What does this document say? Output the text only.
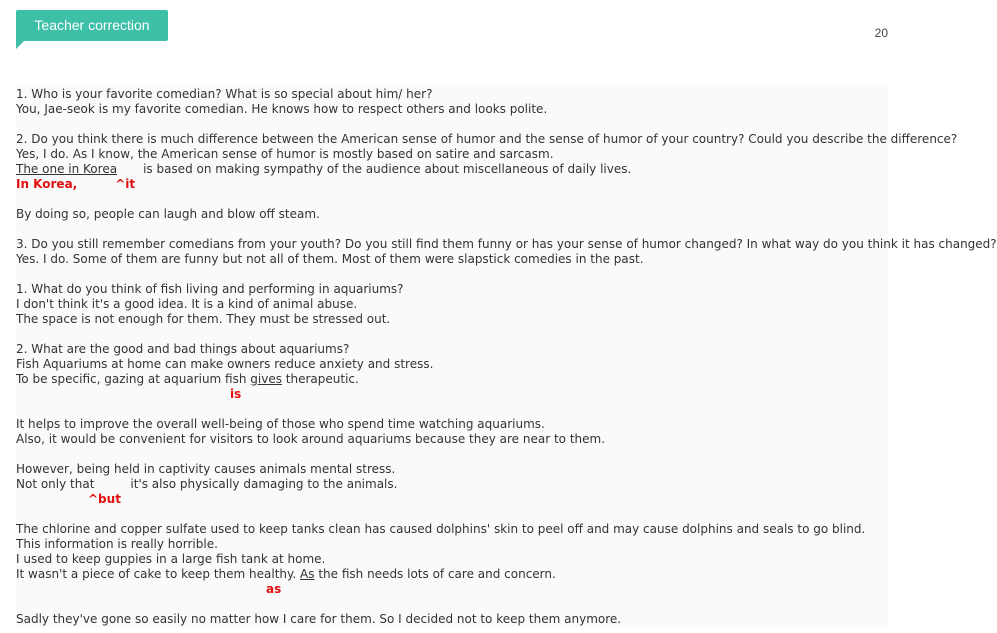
Teacher correction	20
1. Who is your favorite comedian? What is so special about him/ her?
You, Jae-seok is my favorite comedian. He knows how to respect others and looks polite.
2. Do you think there is much difference between the American sense of humor and the sense of humor of your country? Could you describe the difference?
Yes, I do. As I know, the American sense of humor is mostly based on satire and sarcasm.
The one in Korea is based on making sympathy of the audience about miscellaneous of daily lives.
In Korea,	^it
By doing so, people can laugh and blow off steam.
3. Do you still remember comedians from your youth? Do you still find them funny or has your sense of humor changed? In what way do you think it has changed?
Yes. I do. Some of them are funny but not all of them. Most of them were slapstick comedies in the past.
1. What do you think of fish living and performing in aquariums?
I don't think it's a good idea. It is a kind of animal abuse.
The space is not enough for them. They must be stressed out.
2. What are the good and bad things about aquariums?
Fish Aquariums at home can make owners reduce anxiety and stress.
To be specific, gazing at aquarium fish gives therapeutic.
is
It helps to improve the overall well-being of those who spend time watching aquariums.
Also, it would be convenient for visitors to look around aquariums because they are near to them.
However, being held in captivity causes animals mental stress.
Not only that	it's also physically damaging to the animals.
^but
The chlorine and copper sulfate used to keep tanks clean has caused dolphins' skin to peel off and may cause dolphins and seals to go blind.
This information is really horrible.
I used to keep guppies in a large fish tank at home.
It wasn't a piece of cake to keep them healthy. As the fish needs lots of care and concern.
as
Sadly they've gone so easily no matter how I care for them. So I decided not to keep them anymore.
